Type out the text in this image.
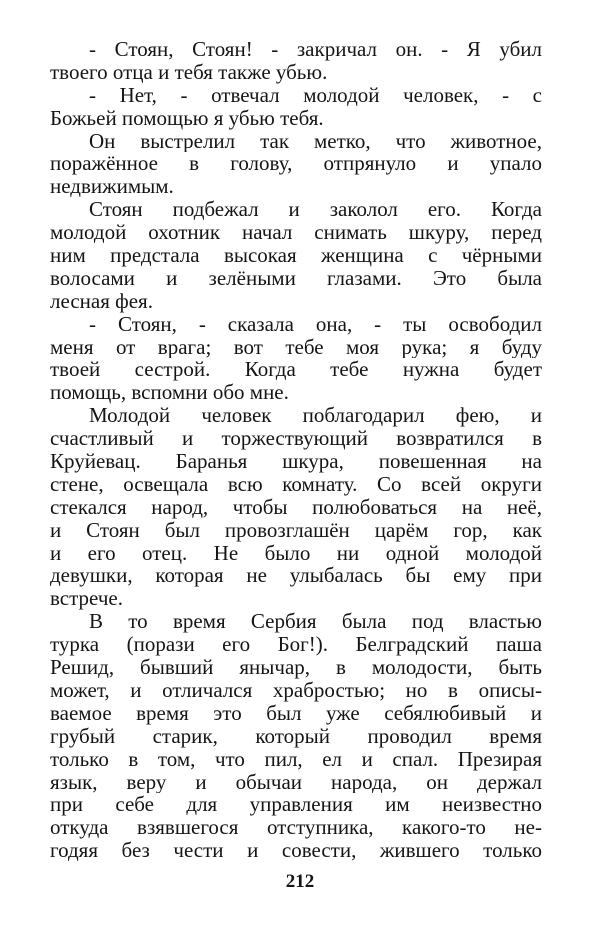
- Стоян, Стоян! - закричал он. - Я убил
твоего отца и тебя также убью.
- Нет, - отвечал молодой человек, - с
Божьей помощью я убью тебя.
Он выстрелил так метко, что животное,
поражённое в голову, отпрянуло и упало
недвижимым.
Стоян подбежал и заколол его. Когда
молодой охотник начал снимать шкуру, перед
ним предстала высокая женщина с чёрными
волосами и зелёными глазами. Это была
лесная фея.
- Стоян, - сказала она, - ты освободил
меня от врага; вот тебе моя рука; я буду
твоей сестрой. Когда тебе нужна будет
помощь, вспомни обо мне.
Молодой человек поблагодарил фею, и
счастливый и торжествующий возвратился в
Круйевац. Баранья шкура, повешенная на
стене, освещала всю комнату. Со всей округи
стекался народ, чтобы полюбоваться на неё,
и Стоян был провозглашён царём гор, как
и его отец. Не было ни одной молодой
девушки, которая не улыбалась бы ему при
встрече.
В то время Сербия была под властью
турка (порази его Бог!). Белградский паша
Решид, бывший янычар, в молодости, быть
может, и отличался храбростью; но в описы-
ваемое время это был уже себялюбивый и
грубый старик, который проводил время
только в том, что пил, ел и спал. Презирая
язык, веру и обычаи народа, он держал
при себе для управления им неизвестно
откуда взявшегося отступника, какого-то не-
годяя без чести и совести, жившего только
212
